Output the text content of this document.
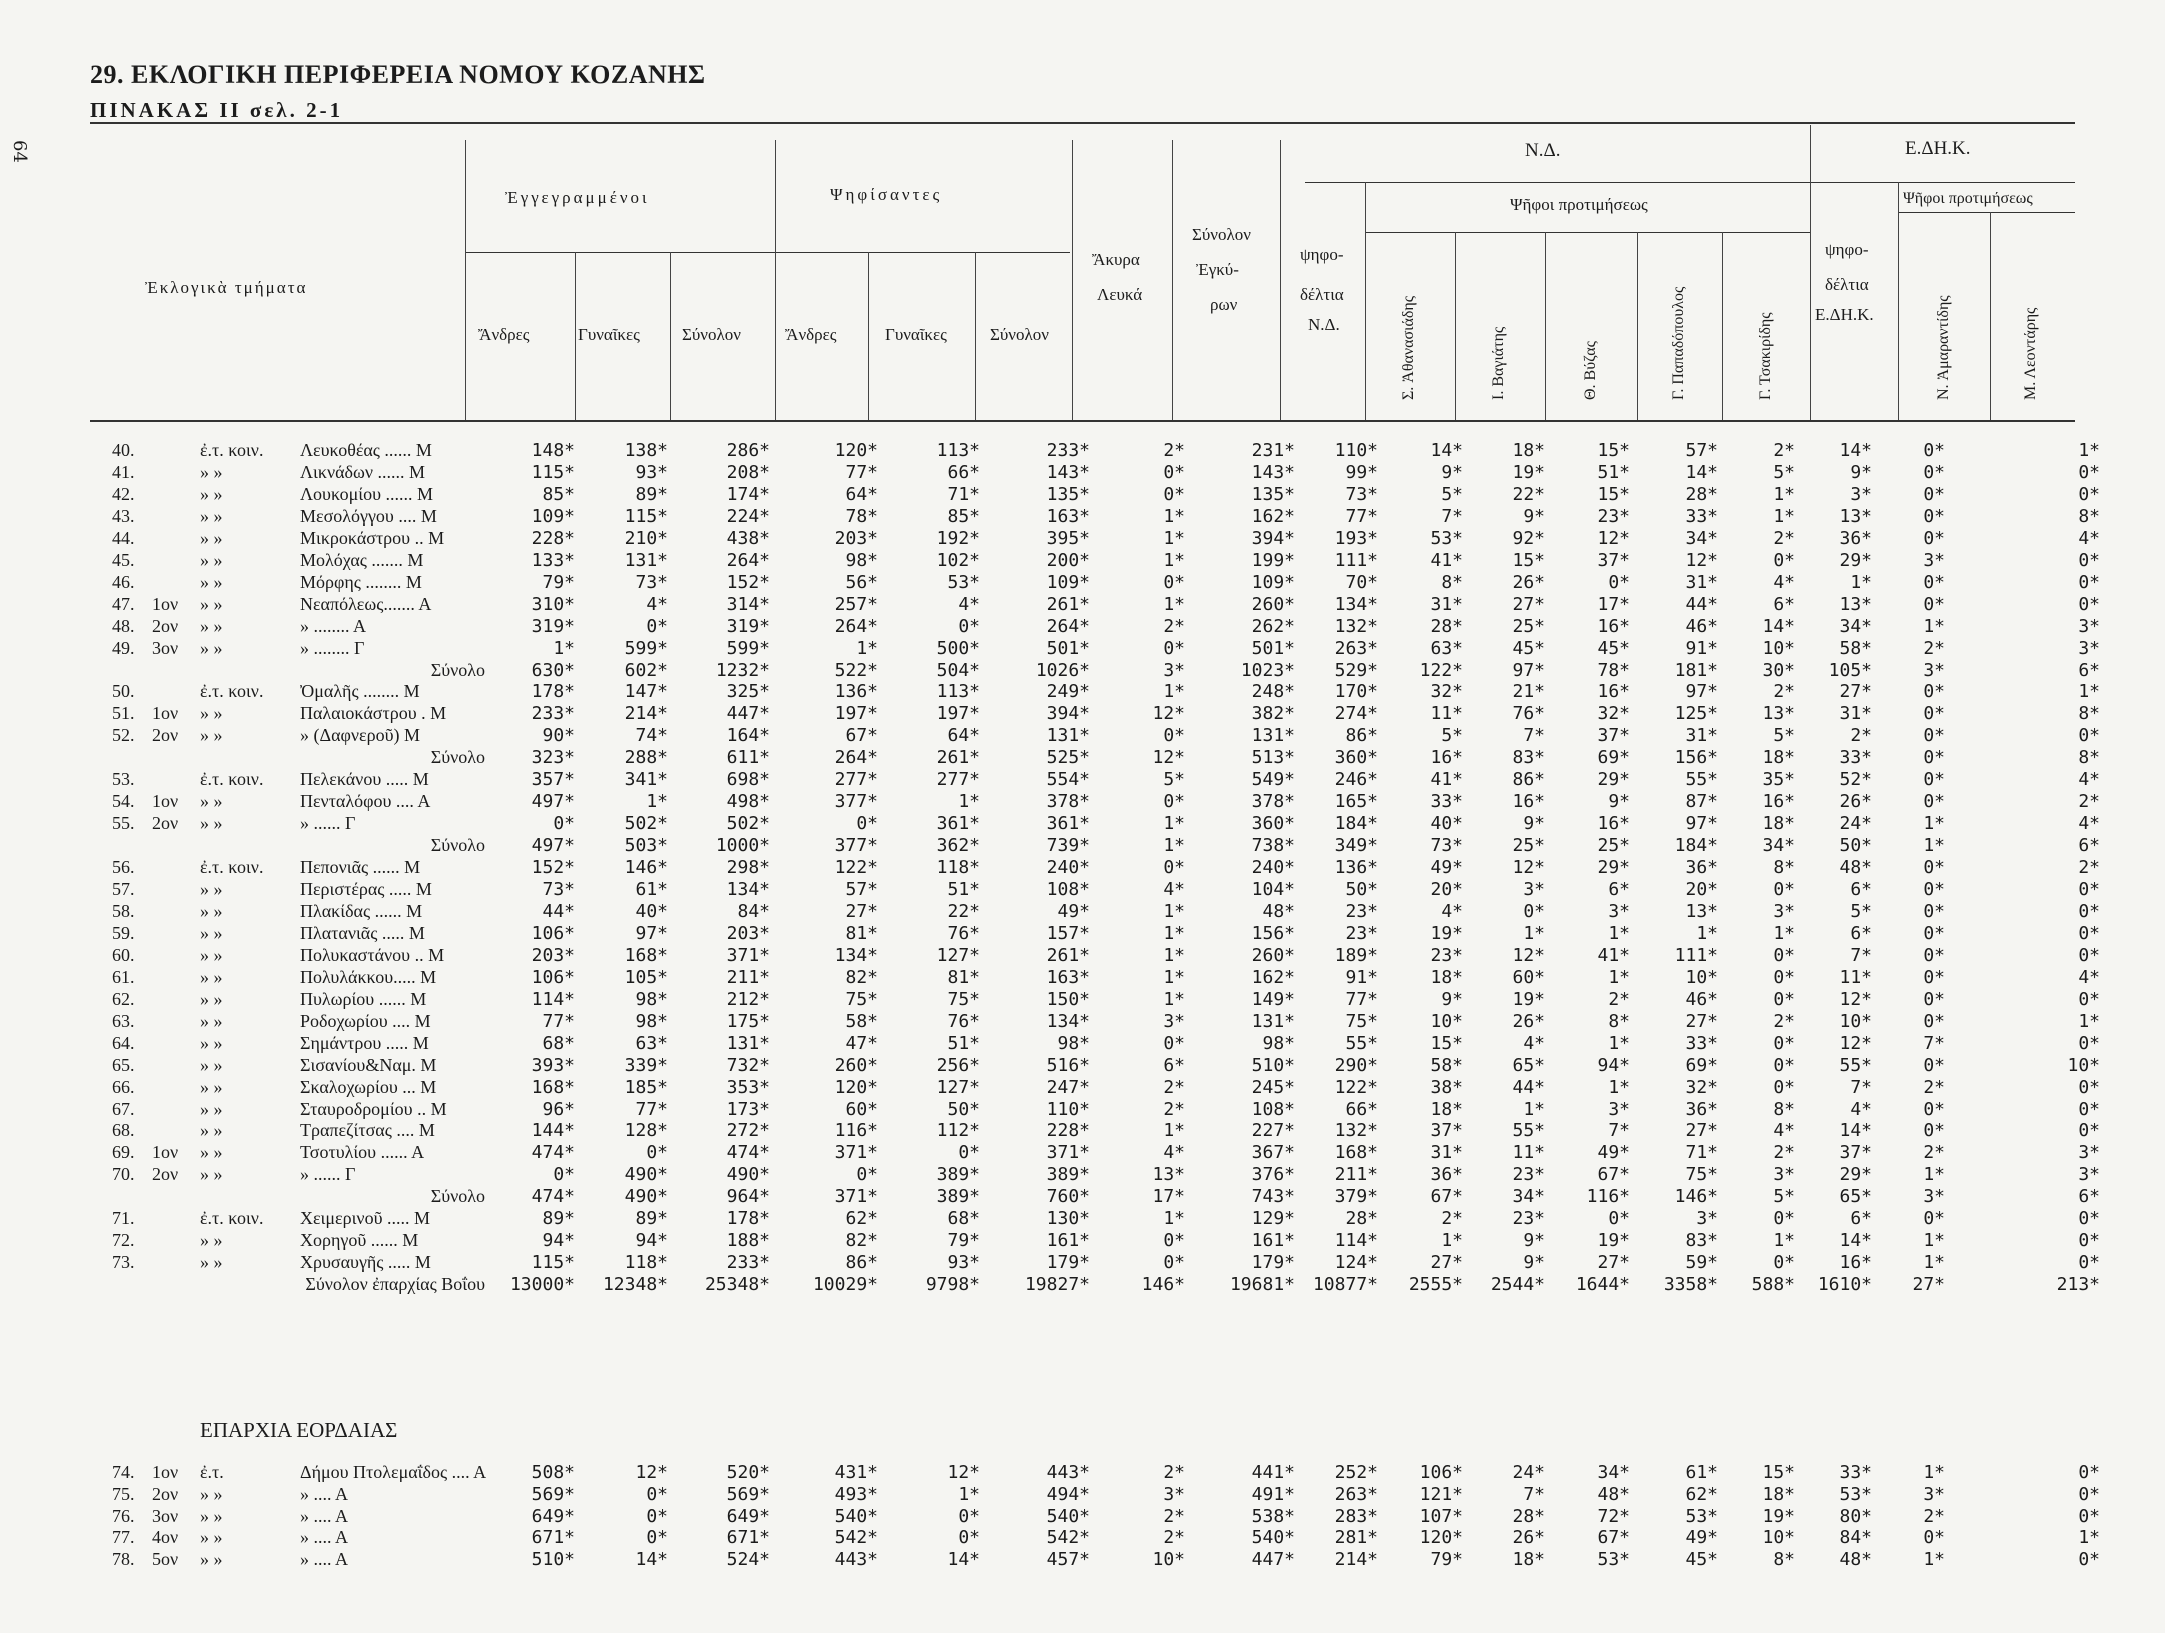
29. ΕΚΛΟΓΙΚΗ ΠΕΡΙΦΕΡΕΙΑ ΝΟΜΟΥ ΚΟΖΑΝΗΣ
ΠΙΝΑΚΑΣ ΙΙ σελ. 2-1
64
Ἐκλογικὰ τμήματα
Ἐγγεγραμμένοι	Ψηφίσαντες
Ἄνδρες	Γυναῖκες Σύνολον	Ἄνδρες	Γυναῖκες	Σύνολον
Ἄκυρα
Λευκά
Σύνολον
Ἐγκύ-
ρων
Ν.Δ.
ψηφο-
δέλτια
Ν.Δ.
Ψῆφοι προτιμήσεως
Σ. Ἀθανασιάδης	Ι. Βαγιάτης	Θ. Βύζας	Γ. Παπαδόπουλος	Γ. Τσακιρίδης
Ε.ΔΗ.Κ.
ψηφο-
δέλτια
Ε.ΔΗ.Κ.
Ψῆφοι προτιμήσεως
Ν. Ἀμαραντίδης	Μ. Λεοντάρης
40.	ἐ.τ. κοιν. Λευκοθέας ...... Μ	148*	138*	286*	120*	113*	233*	2*	231*	110*	14*	18*	15*	57*	2*	14*	0*	1*
41.	» »	Λικνάδων ...... Μ	115*	93*	208*	77*	66*	143*	0*	143*	99*	9*	19*	51*	14*	5*	9*	0*	0*
42.	» »	Λουκομίου ...... Μ	85*	89*	174*	64*	71*	135*	0*	135*	73*	5*	22*	15*	28*	1*	3*	0*	0*
43.	» »	Μεσολόγγου .... Μ	109*	115*	224*	78*	85*	163*	1*	162*	77*	7*	9*	23*	33*	1*	13*	0*	8*
44.	» »	Μικροκάστρου .. Μ	228*	210*	438*	203*	192*	395*	1*	394*	193*	53*	92*	12*	34*	2*	36*	0*	4*
45.	» »	Μολόχας ....... Μ	133*	131*	264*	98*	102*	200*	1*	199*	111*	41*	15*	37*	12*	0*	29*	3*	0*
46.	» »	Μόρφης ........ Μ	79*	73*	152*	56*	53*	109*	0*	109*	70*	8*	26*	0*	31*	4*	1*	0*	0*
47. 1ον » »	Νεαπόλεως....... Α	310*	4*	314*	257*	4*	261*	1*	260*	134*	31*	27*	17*	44*	6*	13*	0*	0*
48. 2ον » »	» ........ Α	319*	0*	319*	264*	0*	264*	2*	262*	132*	28*	25*	16*	46*	14*	34*	1*	3*
49. 3ον » »	» ........ Γ	1*	599*	599*	1*	500*	501*	0*	501*	263*	63*	45*	45*	91*	10*	58*	2*	3*
Σύνολο	630*	602*	1232*	522*	504*	1026*	3*	1023*	529*	122*	97*	78*	181*	30*	105*	3*	6*
50.	ἐ.τ. κοιν. Ὀμαλῆς ........ Μ	178*	147*	325*	136*	113*	249*	1*	248*	170*	32*	21*	16*	97*	2*	27*	0*	1*
51. 1ον » »	Παλαιοκάστρου . Μ	233*	214*	447*	197*	197*	394*	12*	382*	274*	11*	76*	32*	125*	13*	31*	0*	8*
52. 2ον » »	» (Δαφνεροῦ) Μ	90*	74*	164*	67*	64*	131*	0*	131*	86*	5*	7*	37*	31*	5*	2*	0*	0*
Σύνολο	323*	288*	611*	264*	261*	525*	12*	513*	360*	16*	83*	69*	156*	18*	33*	0*	8*
53.	ἐ.τ. κοιν. Πελεκάνου ..... Μ	357*	341*	698*	277*	277*	554*	5*	549*	246*	41*	86*	29*	55*	35*	52*	0*	4*
54. 1ον » »	Πενταλόφου .... Α	497*	1*	498*	377*	1*	378*	0*	378*	165*	33*	16*	9*	87*	16*	26*	0*	2*
55. 2ον » »	» ...... Γ	0*	502*	502*	0*	361*	361*	1*	360*	184*	40*	9*	16*	97*	18*	24*	1*	4*
Σύνολο	497*	503*	1000*	377*	362*	739*	1*	738*	349*	73*	25*	25*	184*	34*	50*	1*	6*
56.	ἐ.τ. κοιν. Πεπονιᾶς ...... Μ	152*	146*	298*	122*	118*	240*	0*	240*	136*	49*	12*	29*	36*	8*	48*	0*	2*
57.	» »	Περιστέρας ..... Μ	73*	61*	134*	57*	51*	108*	4*	104*	50*	20*	3*	6*	20*	0*	6*	0*	0*
58.	» »	Πλακίδας ...... Μ	44*	40*	84*	27*	22*	49*	1*	48*	23*	4*	0*	3*	13*	3*	5*	0*	0*
59.	» »	Πλατανιᾶς ..... Μ	106*	97*	203*	81*	76*	157*	1*	156*	23*	19*	1*	1*	1*	1*	6*	0*	0*
60.	» »	Πολυκαστάνου .. Μ	203*	168*	371*	134*	127*	261*	1*	260*	189*	23*	12*	41*	111*	0*	7*	0*	0*
61.	» »	Πολυλάκκου..... Μ	106*	105*	211*	82*	81*	163*	1*	162*	91*	18*	60*	1*	10*	0*	11*	0*	4*
62.	» »	Πυλωρίου ...... Μ	114*	98*	212*	75*	75*	150*	1*	149*	77*	9*	19*	2*	46*	0*	12*	0*	0*
63.	» »	Ροδοχωρίου .... Μ	77*	98*	175*	58*	76*	134*	3*	131*	75*	10*	26*	8*	27*	2*	10*	0*	1*
64.	» »	Σημάντρου ..... Μ	68*	63*	131*	47*	51*	98*	0*	98*	55*	15*	4*	1*	33*	0*	12*	7*	0*
65.	» »	Σισανίου&Ναμ. Μ	393*	339*	732*	260*	256*	516*	6*	510*	290*	58*	65*	94*	69*	0*	55*	0*	10*
66.	» »	Σκαλοχωρίου ... Μ	168*	185*	353*	120*	127*	247*	2*	245*	122*	38*	44*	1*	32*	0*	7*	2*	0*
67.	» »	Σταυροδρομίου .. Μ	96*	77*	173*	60*	50*	110*	2*	108*	66*	18*	1*	3*	36*	8*	4*	0*	0*
68.	» »	Τραπεζίτσας .... Μ	144*	128*	272*	116*	112*	228*	1*	227*	132*	37*	55*	7*	27*	4*	14*	0*	0*
69. 1ον » »	Τσοτυλίου ...... Α	474*	0*	474*	371*	0*	371*	4*	367*	168*	31*	11*	49*	71*	2*	37*	2*	3*
70. 2ον » »	» ...... Γ	0*	490*	490*	0*	389*	389*	13*	376*	211*	36*	23*	67*	75*	3*	29*	1*	3*
Σύνολο	474*	490*	964*	371*	389*	760*	17*	743*	379*	67*	34*	116*	146*	5*	65*	3*	6*
71.	ἐ.τ. κοιν. Χειμερινοῦ ..... Μ	89*	89*	178*	62*	68*	130*	1*	129*	28*	2*	23*	0*	3*	0*	6*	0*	0*
72.	» »	Χορηγοῦ ...... Μ	94*	94*	188*	82*	79*	161*	0*	161*	114*	1*	9*	19*	83*	1*	14*	1*	0*
73.	» »	Χρυσαυγῆς ..... Μ	115*	118*	233*	86*	93*	179*	0*	179*	124*	27*	9*	27*	59*	0*	16*	1*	0*
Σύνολον ἐπαρχίας Βοΐου	13000*	12348*	25348*	10029*	9798*	19827*	146*	19681* 10877*	2555*	2544*	1644*	3358*	588*	1610*	27*	213*
ΕΠΑΡΧΙΑ ΕΟΡΔΑΙΑΣ
74. 1ον ἐ.τ.	Δήμου Πτολεμαΐδος .... Α	508*	12*	520*	431*	12*	443*	2*	441*	252*	106*	24*	34*	61*	15*	33*	1*	0*
75. 2ον » »	» .... Α	569*	0*	569*	493*	1*	494*	3*	491*	263*	121*	7*	48*	62*	18*	53*	3*	0*
76. 3ον » »	» .... Α	649*	0*	649*	540*	0*	540*	2*	538*	283*	107*	28*	72*	53*	19*	80*	2*	0*
77. 4ον » »	» .... Α	671*	0*	671*	542*	0*	542*	2*	540*	281*	120*	26*	67*	49*	10*	84*	0*	1*
78. 5ον » »	» .... Α	510*	14*	524*	443*	14*	457*	10*	447*	214*	79*	18*	53*	45*	8*	48*	1*	0*
